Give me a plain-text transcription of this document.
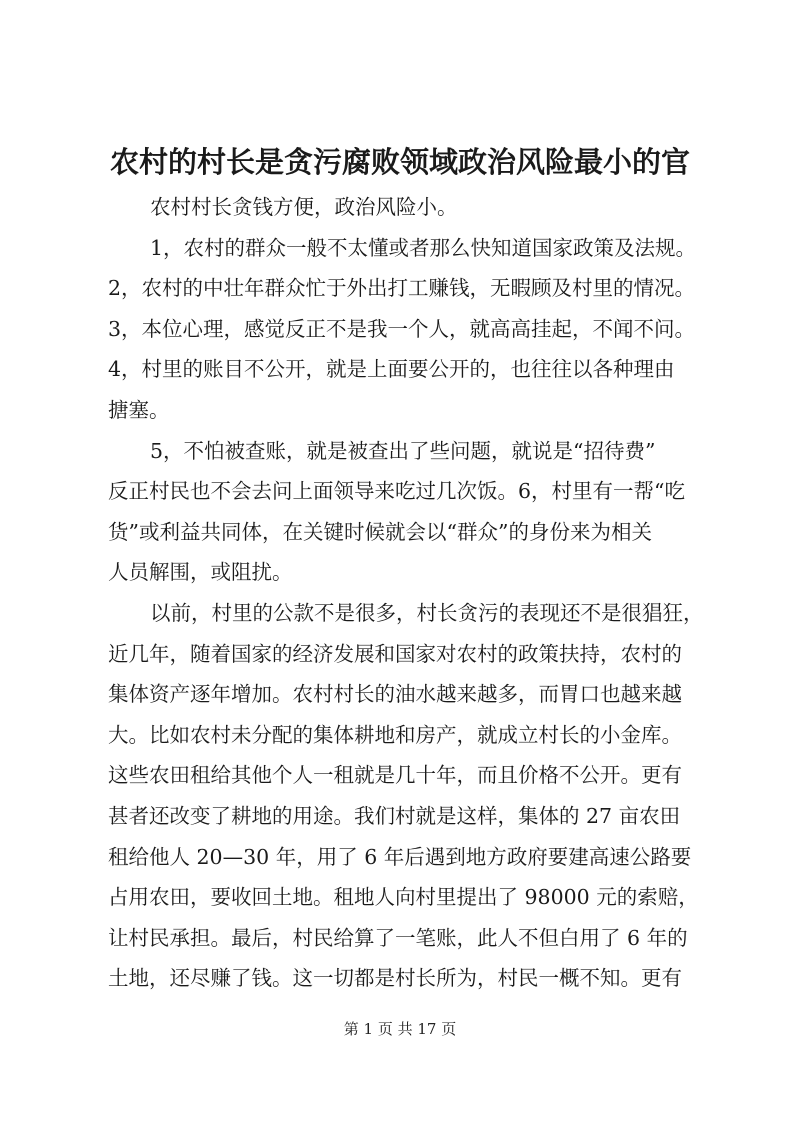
农村的村长是贪污腐败领域政治风险最小的官
农村村长贪钱方便，政治风险小。
1，农村的群众一般不太懂或者那么快知道国家政策及法规。
2，农村的中壮年群众忙于外出打工赚钱，无暇顾及村里的情况。
3，本位心理，感觉反正不是我一个人，就高高挂起，不闻不问。
4，村里的账目不公开，就是上面要公开的，也往往以各种理由
搪塞。
5，不怕被查账，就是被查出了些问题，就说是“招待费”
反正村民也不会去问上面领导来吃过几次饭。6，村里有一帮“吃
货”或利益共同体，在关键时候就会以“群众”的身份来为相关
人员解围，或阻扰。
以前，村里的公款不是很多，村长贪污的表现还不是很猖狂，
近几年，随着国家的经济发展和国家对农村的政策扶持，农村的
集体资产逐年增加。农村村长的油水越来越多，而胃口也越来越
大。比如农村未分配的集体耕地和房产，就成立村长的小金库。
这些农田租给其他个人一租就是几十年，而且价格不公开。更有
甚者还改变了耕地的用途。我们村就是这样，集体的 27 亩农田
租给他人 20—30 年，用了 6 年后遇到地方政府要建高速公路要
占用农田，要收回土地。租地人向村里提出了 98000 元的索赔，
让村民承担。最后，村民给算了一笔账，此人不但白用了 6 年的
土地，还尽赚了钱。这一切都是村长所为，村民一概不知。更有
第 1 页 共 17 页
